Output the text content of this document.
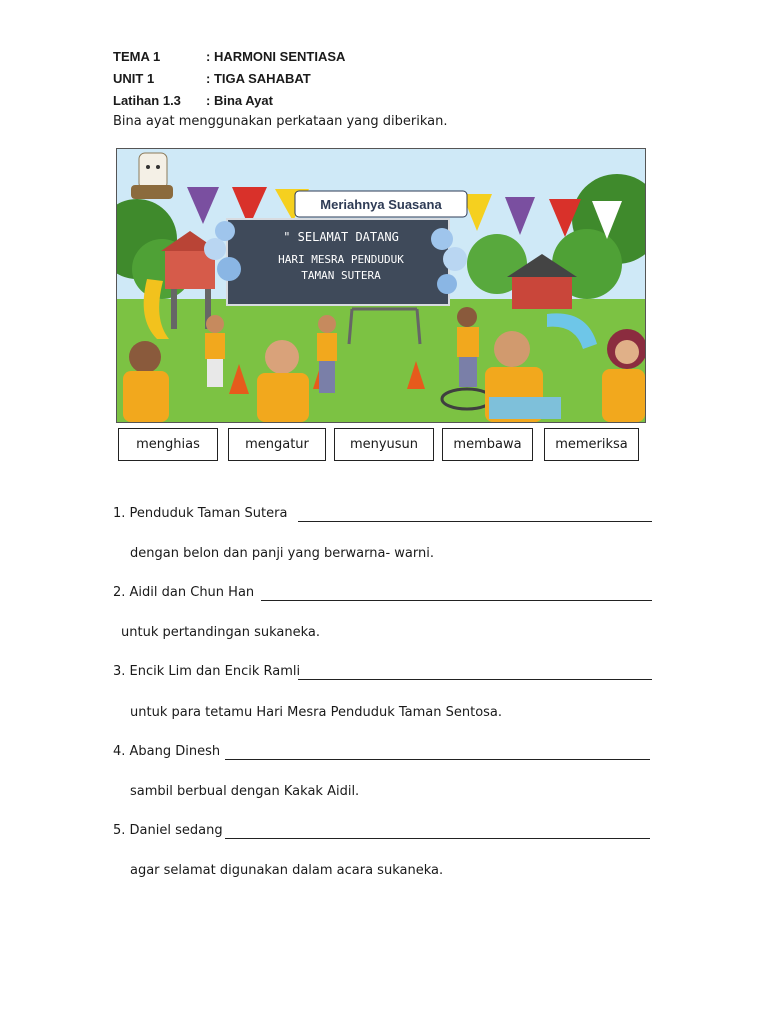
TEMA 1	: HARMONI SENTIASA
UNIT 1	: TIGA SAHABAT
Latihan 1.3 : Bina Ayat
Bina ayat menggunakan perkataan yang diberikan.
Meriahnya Suasana
" SELAMAT DATANG
HARI MESRA PENDUDUK
TAMAN SUTERA
menghias	mengatur	menyusun	membawa	memeriksa
1. Penduduk Taman Sutera
dengan belon dan panji yang berwarna- warni.
2. Aidil dan Chun Han
untuk pertandingan sukaneka.
3. Encik Lim dan Encik Ramli
untuk para tetamu Hari Mesra Penduduk Taman Sentosa.
4. Abang Dinesh
sambil berbual dengan Kakak Aidil.
5. Daniel sedang
agar selamat digunakan dalam acara sukaneka.
